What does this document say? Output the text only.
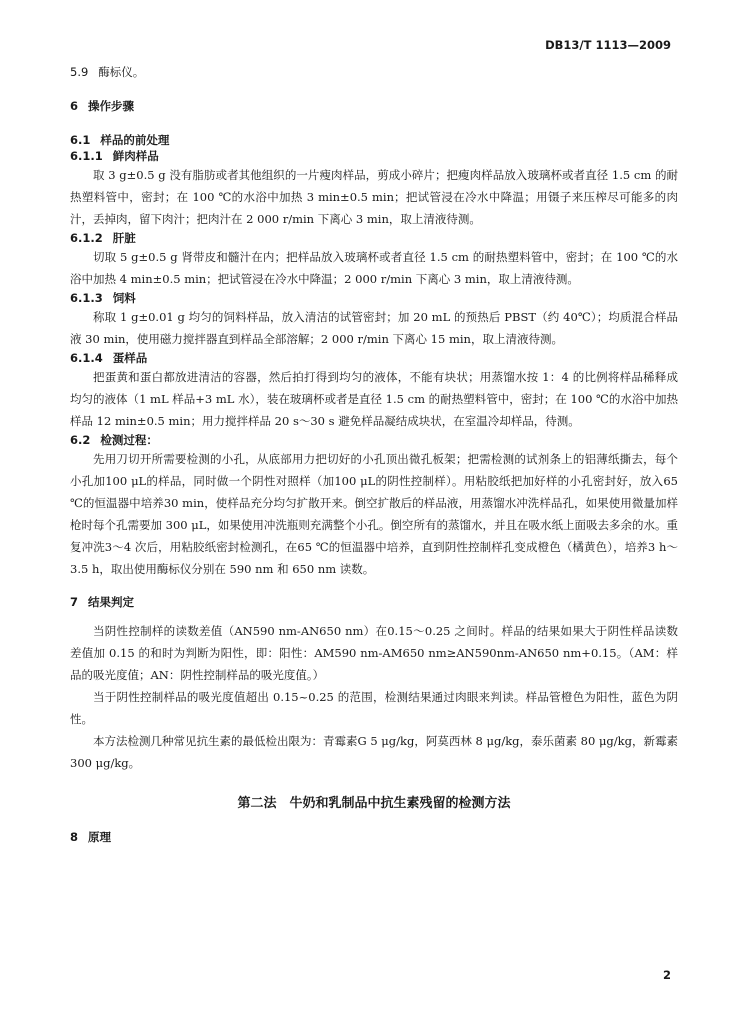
DB13/T 1113—2009

5.9 酶标仪。

6 操作步骤

6.1 样品的前处理

6.1.1 鲜肉样品

取 3 g±0.5 g 没有脂肪或者其他组织的一片瘦肉样品，剪成小碎片；把瘦肉样品放入玻璃杯或者直径 1.5 cm 的耐热塑料管中，密封；在 100 ℃的水浴中加热 3 min±0.5 min；把试管浸在冷水中降温；用镊子来压榨尽可能多的肉汁，丢掉肉，留下肉汁；把肉汁在 2 000 r/min 下离心 3 min，取上清液待测。

6.1.2 肝脏

切取 5 g±0.5 g 肾带皮和髓汁在内；把样品放入玻璃杯或者直径 1.5 cm 的耐热塑料管中，密封；在 100 ℃的水浴中加热 4 min±0.5 min；把试管浸在冷水中降温；2 000 r/min 下离心 3 min，取上清液待测。

6.1.3 饲料

称取 1 g±0.01 g 均匀的饲料样品，放入清洁的试管密封；加 20 mL 的预热后 PBST（约 40℃）；均质混合样品液 30 min，使用磁力搅拌器直到样品全部溶解；2 000 r/min 下离心 15 min，取上清液待测。

6.1.4 蛋样品

把蛋黄和蛋白都放进清洁的容器，然后拍打得到均匀的液体，不能有块状；用蒸馏水按 1：4 的比例将样品稀释成均匀的液体（1 mL 样品+3 mL 水），装在玻璃杯或者是直径 1.5 cm 的耐热塑料管中，密封；在 100 ℃的水浴中加热样品 12 min±0.5 min；用力搅拌样品 20 s～30 s 避免样品凝结成块状，在室温冷却样品，待测。

6.2 检测过程：

先用刀切开所需要检测的小孔，从底部用力把切好的小孔顶出微孔板架；把需检测的试剂条上的铝薄纸撕去，每个小孔加100 μL的样品，同时做一个阴性对照样（加100 μL的阴性控制样）。用粘胶纸把加好样的小孔密封好，放入65 ℃的恒温器中培养30 min，使样品充分均匀扩散开来。倒空扩散后的样品液，用蒸馏水冲洗样品孔，如果使用微量加样枪时每个孔需要加 300 μL，如果使用冲洗瓶则充满整个小孔。倒空所有的蒸馏水，并且在吸水纸上面吸去多余的水。重复冲洗3～4 次后，用粘胶纸密封检测孔，在65 ℃的恒温器中培养，直到阴性控制样孔变成橙色（橘黄色），培养3 h～3.5 h，取出使用酶标仪分别在 590 nm 和 650 nm 读数。

7 结果判定

当阴性控制样的读数差值（AN590 nm-AN650 nm）在0.15～0.25 之间时。样品的结果如果大于阴性样品读数差值加 0.15 的和时为判断为阳性，即：阳性：AM590 nm-AM650 nm≥AN590nm-AN650 nm+0.15。（AM：样品的吸光度值；AN：阴性控制样品的吸光度值。）

当于阴性控制样品的吸光度值超出 0.15~0.25 的范围，检测结果通过肉眼来判读。样品管橙色为阳性，蓝色为阴性。

本方法检测几种常见抗生素的最低检出限为：青霉素G 5 μg/kg，阿莫西林 8 μg/kg，泰乐菌素 80 μg/kg，新霉素 300 μg/kg。

第二法　牛奶和乳制品中抗生素残留的检测方法

8 原理

2
